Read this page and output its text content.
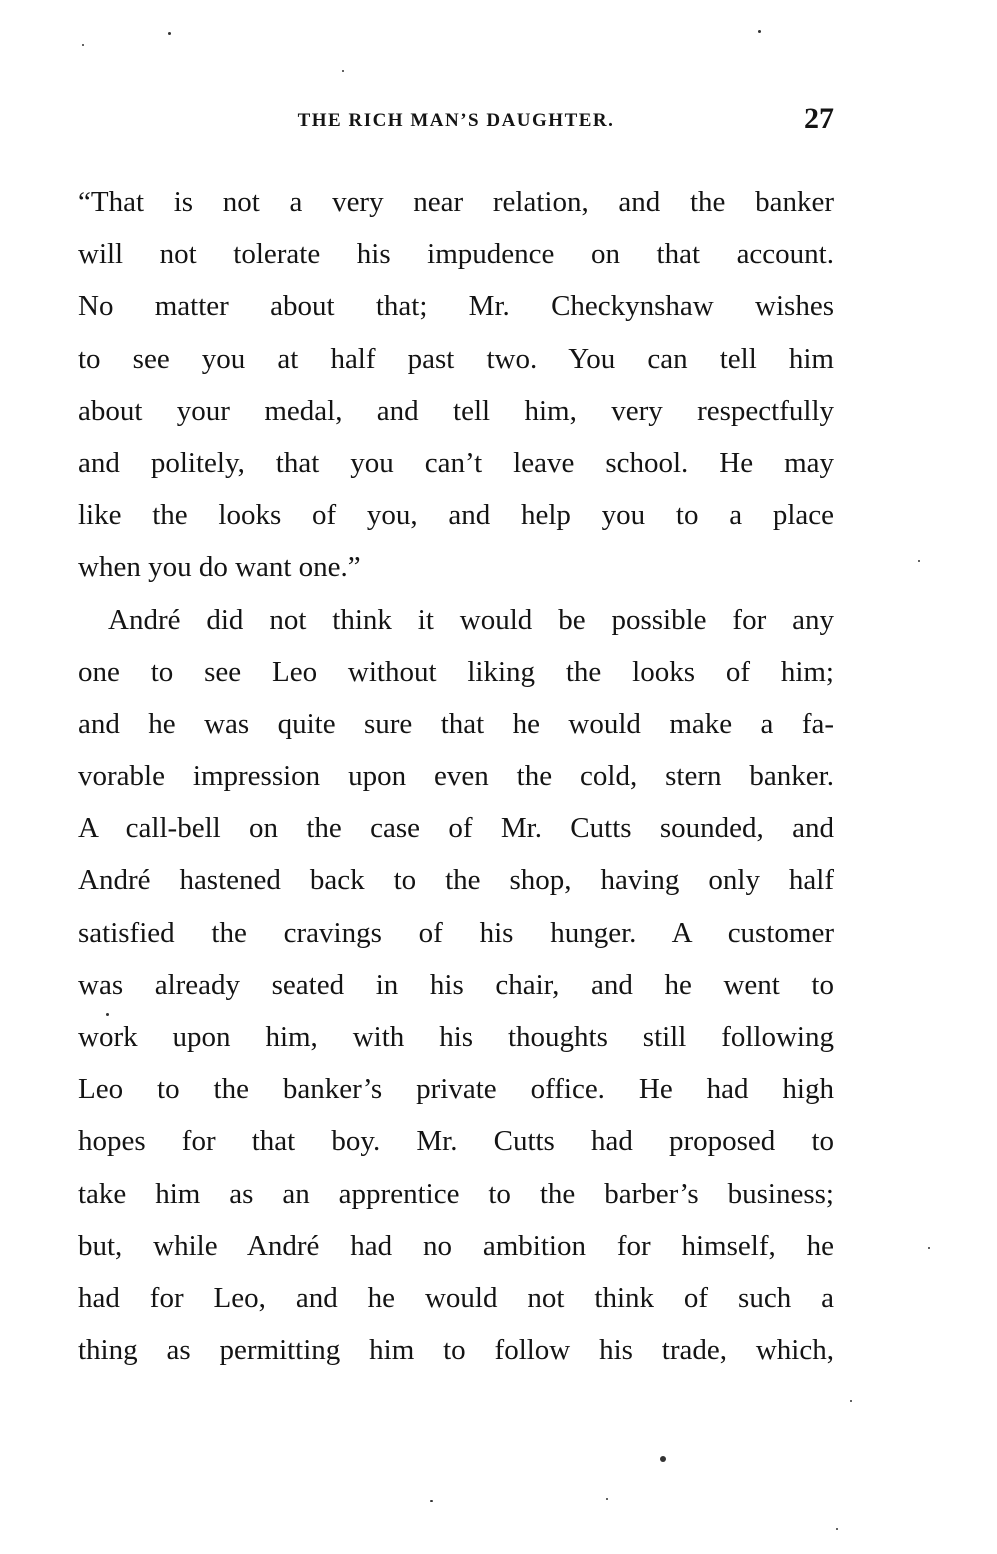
THE RICH MAN’S DAUGHTER.	27
“That is not a very near relation, and the banker
will not tolerate his impudence on that account.
No matter about that; Mr. Checkynshaw wishes
to see you at half past two. You can tell him
about your medal, and tell him, very respectfully
and politely, that you can’t leave school. He may
like the looks of you, and help you to a place
when you do want one.”
André did not think it would be possible for any
one to see Leo without liking the looks of him;
and he was quite sure that he would make a fa-
vorable impression upon even the cold, stern banker.
A call-bell on the case of Mr. Cutts sounded, and
André hastened back to the shop, having only half
satisfied the cravings of his hunger. A customer
was already seated in his chair, and he went to
work upon him, with his thoughts still following
Leo to the banker’s private office. He had high
hopes for that boy. Mr. Cutts had proposed to
take him as an apprentice to the barber’s business;
but, while André had no ambition for himself, he
had for Leo, and he would not think of such a
thing as permitting him to follow his trade, which,
